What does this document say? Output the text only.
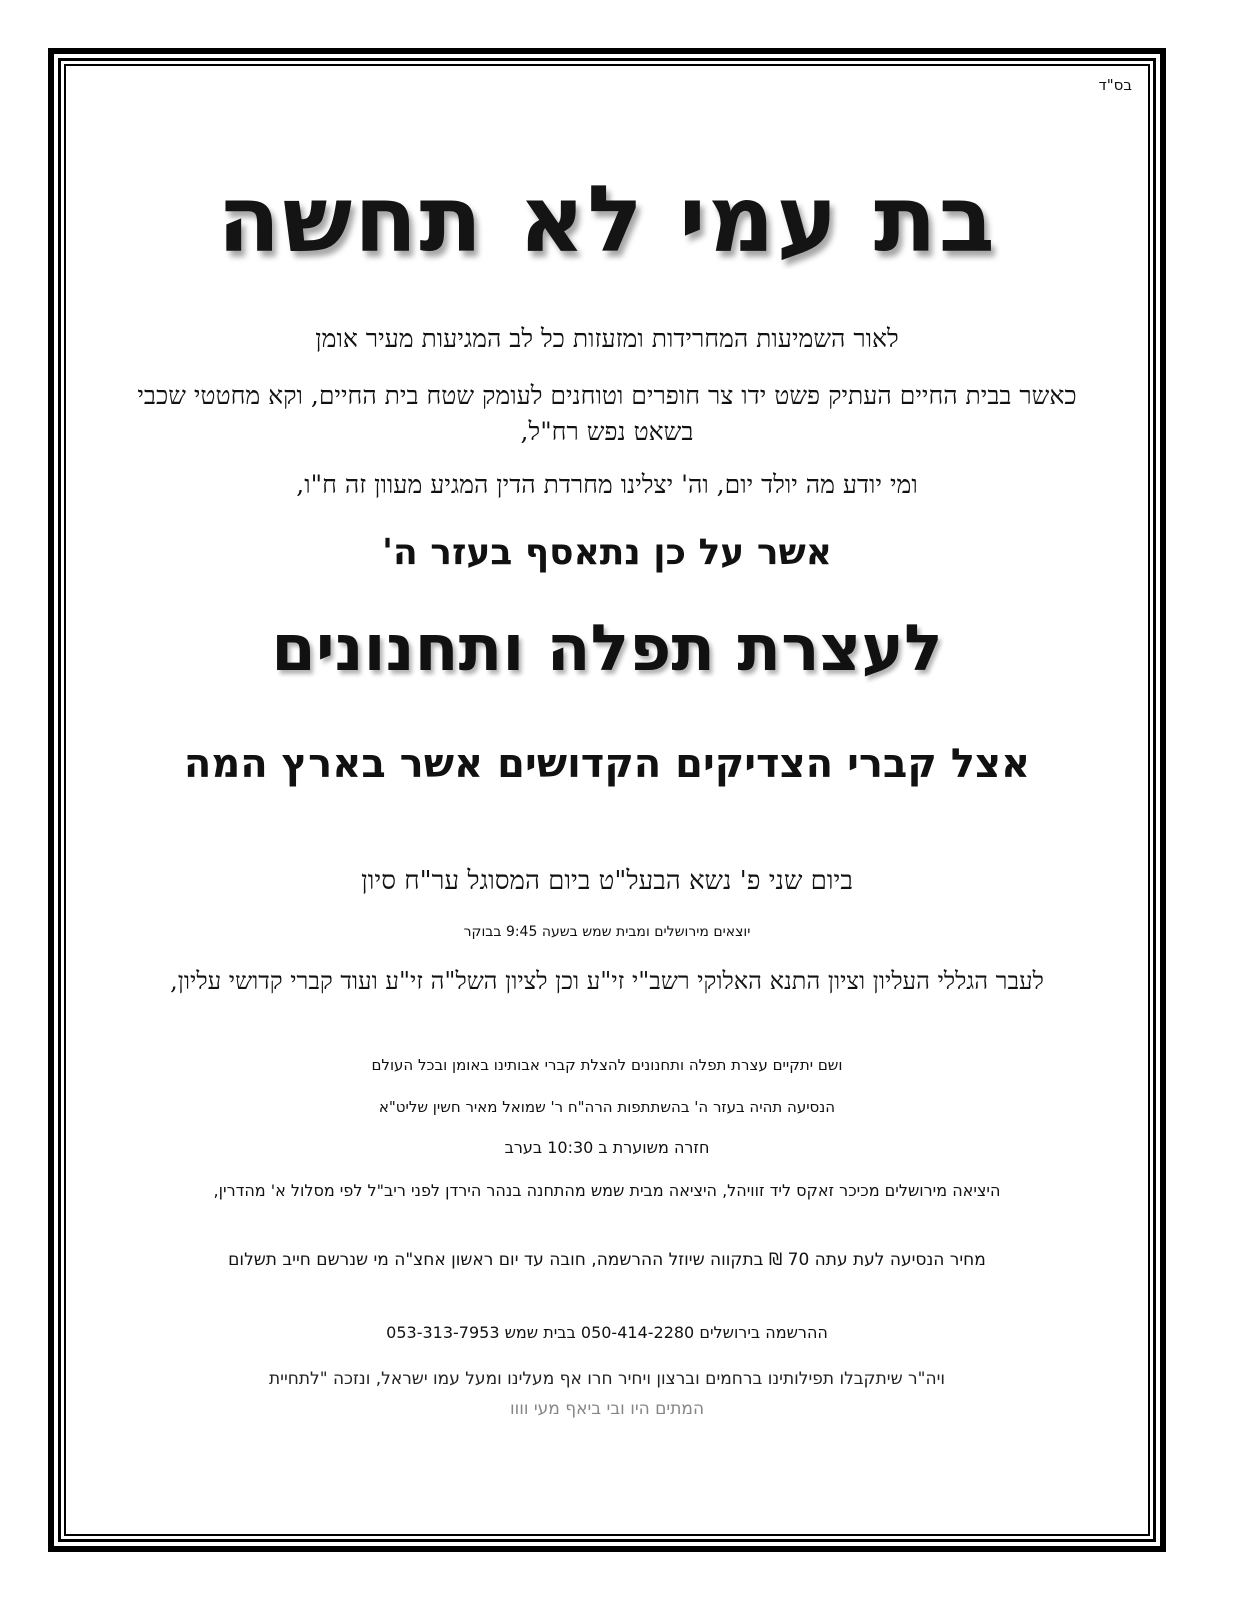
בס"ד
בת עמי לא תחשה
לאור השמיעות המחרידות ומזעזות כל לב המגיעות מעיר אומן
כאשר בבית החיים העתיק פשט ידו צר חופרים וטוחנים לעומק שטח בית החיים, וקא מחטטי שכבי בשאט נפש רח"ל,
ומי יודע מה יולד יום, וה' יצלינו מחרדת הדין המגיע מעוון זה ח"ו,
אשר על כן נתאסף בעזר ה'
לעצרת תפלה ותחנונים
אצל קברי הצדיקים הקדושים אשר בארץ המה
ביום שני פ' נשא הבעל"ט ביום המסוגל ער"ח סיון
יוצאים מירושלים ומבית שמש בשעה 9:45 בבוקר
לעבר הגללי העליון וציון התנא האלוקי רשב"י זי"ע וכן לציון השל"ה זי"ע ועוד קברי קדושי עליון,
ושם יתקיים עצרת תפלה ותחנונים להצלת קברי אבותינו באומן ובכל העולם
הנסיעה תהיה בעזר ה' בהשתתפות הרה"ח ר' שמואל מאיר חשין שליט"א
חזרה משוערת ב 10:30 בערב
היציאה מירושלים מכיכר זאקס ליד זוויהל, היציאה מבית שמש מהתחנה בנהר הירדן לפני ריב"ל לפי מסלול א' מהדרין,
מחיר הנסיעה לעת עתה 70 ₪ בתקווה שיוזל ההרשמה, חובה עד יום ראשון אחצ"ה מי שנרשם חייב תשלום
ההרשמה בירושלים 050-414-2280 בבית שמש 053-313-7953
ויה"ר שיתקבלו תפילותינו ברחמים וברצון ויחיר חרו אף מעלינו ומעל עמו ישראל, ונזכה "לתחיית
המתים היו ובי ביאף מעי וווו
